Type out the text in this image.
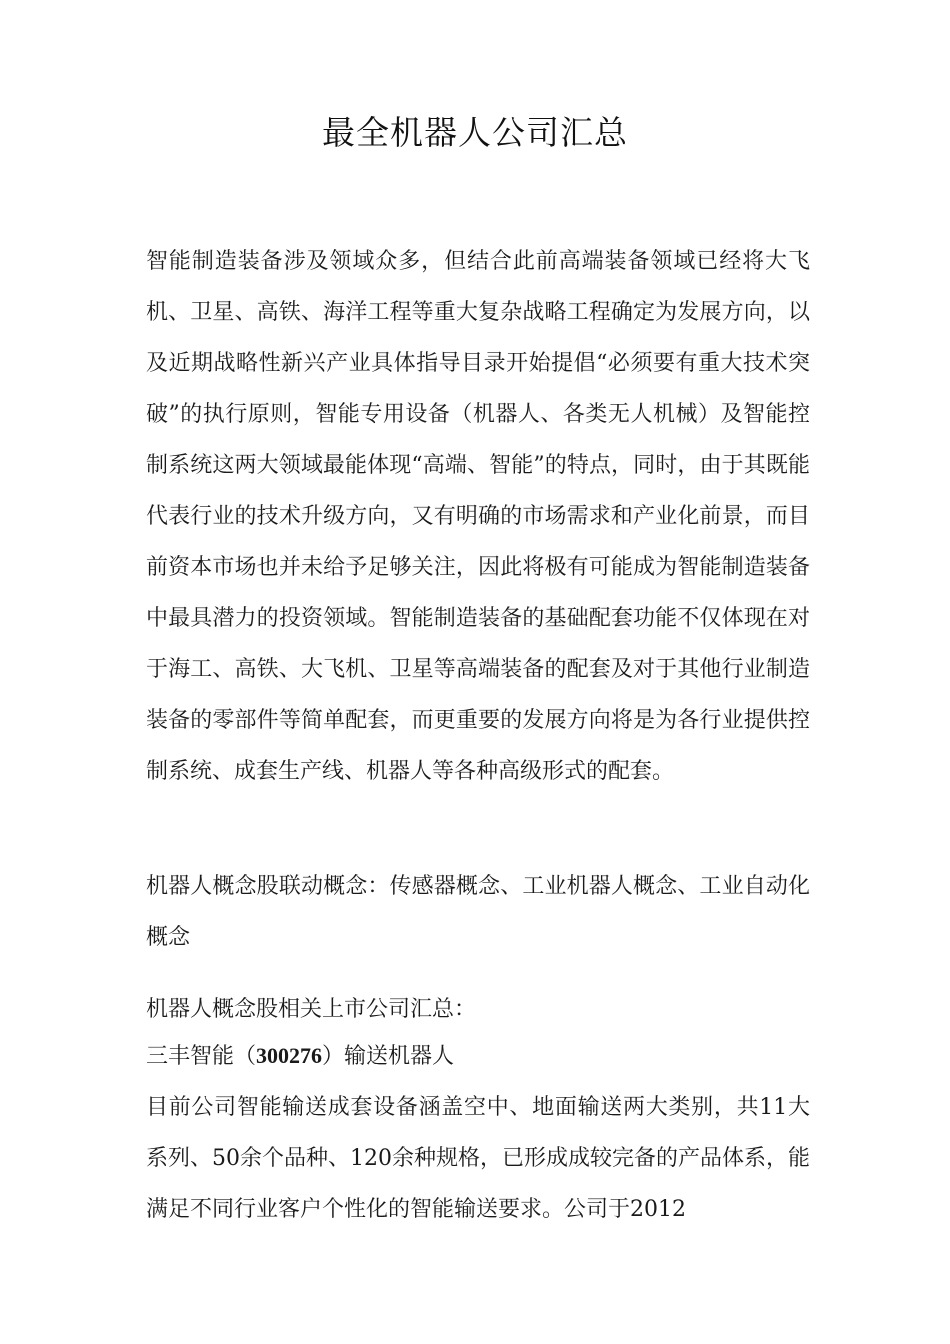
最全机器人公司汇总

智能制造装备涉及领域众多，但结合此前高端装备领域已经将大飞机、卫星、高铁、海洋工程等重大复杂战略工程确定为发展方向，以及近期战略性新兴产业具体指导目录开始提倡“必须要有重大技术突破”的执行原则，智能专用设备（机器人、各类无人机械）及智能控制系统这两大领域最能体现“高端、智能”的特点，同时，由于其既能代表行业的技术升级方向，又有明确的市场需求和产业化前景，而目前资本市场也并未给予足够关注，因此将极有可能成为智能制造装备中最具潜力的投资领域。智能制造装备的基础配套功能不仅体现在对于海工、高铁、大飞机、卫星等高端装备的配套及对于其他行业制造装备的零部件等简单配套，而更重要的发展方向将是为各行业提供控制系统、成套生产线、机器人等各种高级形式的配套。

机器人概念股联动概念：传感器概念、工业机器人概念、工业自动化概念

机器人概念股相关上市公司汇总：

三丰智能（300276）输送机器人

目前公司智能输送成套设备涵盖空中、地面输送两大类别，共11大系列、50余个品种、120余种规格，已形成成较完备的产品体系，能满足不同行业客户个性化的智能输送要求。公司于2012
